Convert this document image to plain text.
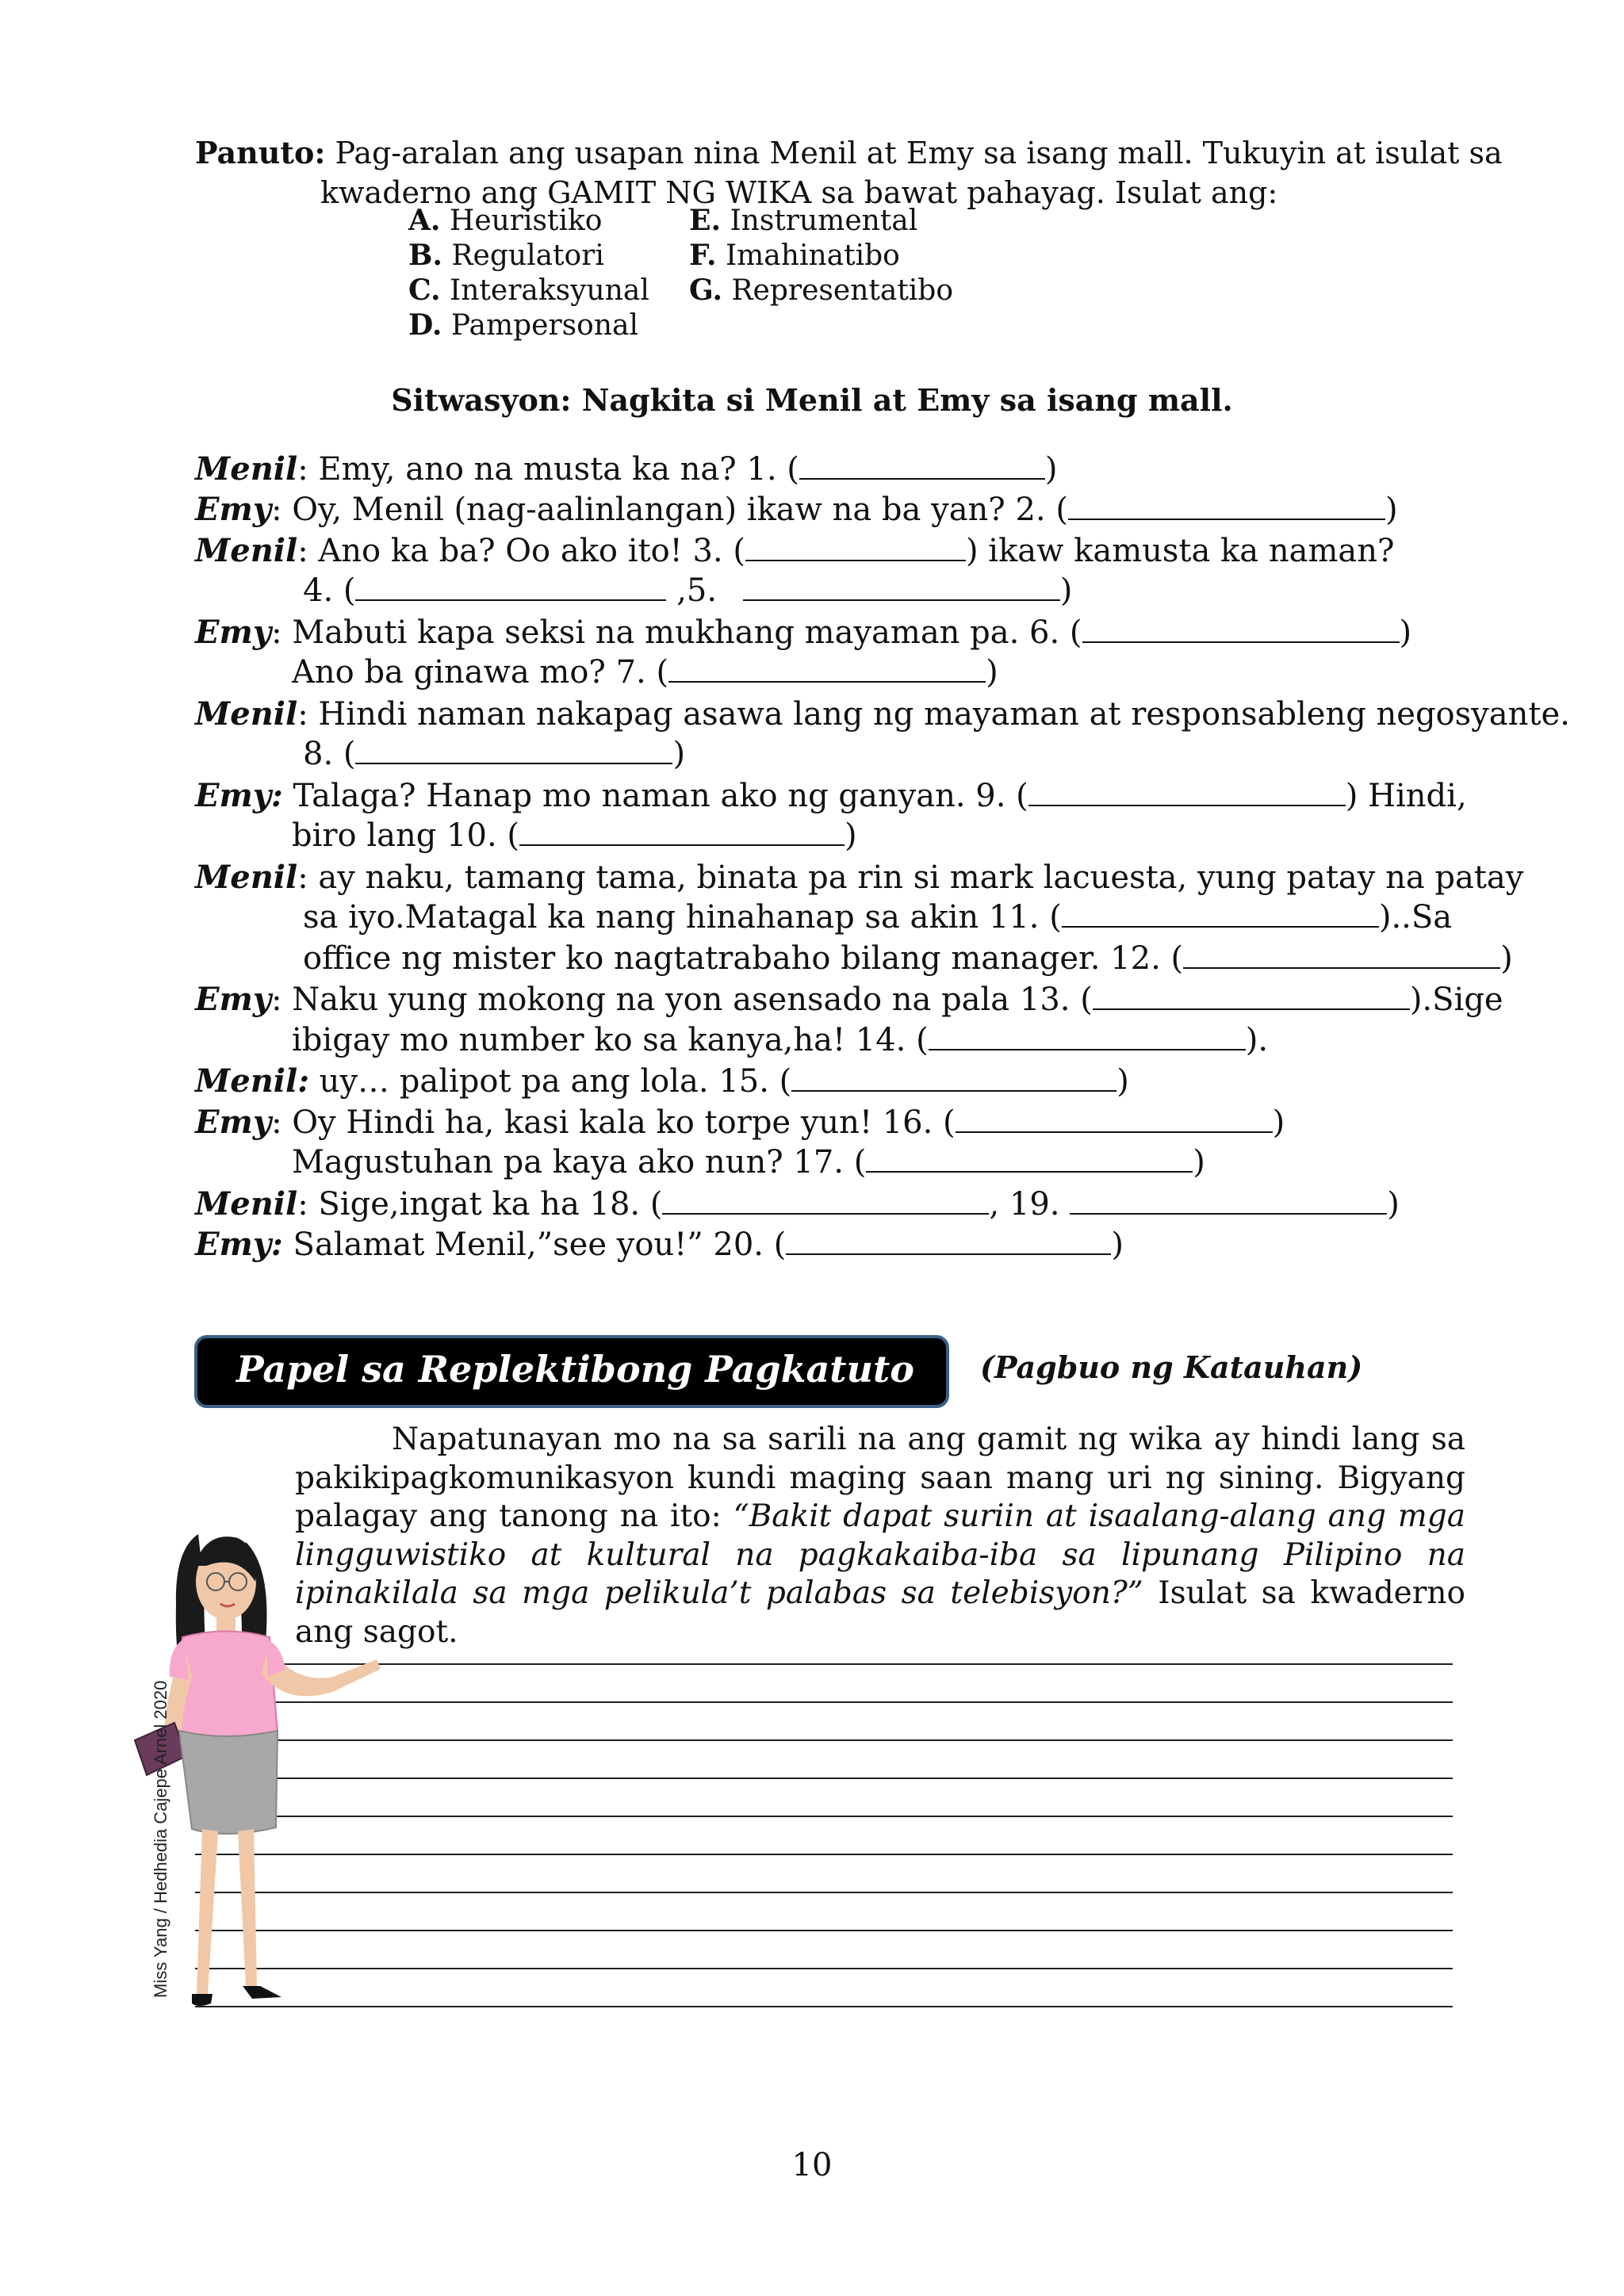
Panuto: Pag-aralan ang usapan nina Menil at Emy sa isang mall. Tukuyin at isulat sa
kwaderno ang GAMIT NG WIKA sa bawat pahayag. Isulat ang:
A. Heuristiko
B. Regulatori
C. Interaksyunal
D. Pampersonal
E. Instrumental
F. Imahinatibo
G. Representatibo
Sitwasyon: Nagkita si Menil at Emy sa isang mall.
Menil: Emy, ano na musta ka na? 1. (	)
Emy: Oy, Menil (nag-aalinlangan) ikaw na ba yan? 2. (	)
Menil: Ano ka ba? Oo ako ito! 3. (	) ikaw kamusta ka naman?
4. (	,5.	)
Emy: Mabuti kapa seksi na mukhang mayaman pa. 6. (	)
Ano ba ginawa mo? 7. (	)
Menil: Hindi naman nakapag asawa lang ng mayaman at responsableng negosyante.
8. (	)
Emy: Talaga? Hanap mo naman ako ng ganyan. 9. (	) Hindi,
biro lang 10. (	)
Menil: ay naku, tamang tama, binata pa rin si mark lacuesta, yung patay na patay
sa iyo.Matagal ka nang hinahanap sa akin 11. (	)..Sa
office ng mister ko nagtatrabaho bilang manager. 12. (	)
Emy: Naku yung mokong na yon asensado na pala 13. (	).Sige
ibigay mo number ko sa kanya,ha! 14. (	).
Menil: uy… palipot pa ang lola. 15. (	)
Emy: Oy Hindi ha, kasi kala ko torpe yun! 16. (	)
Magustuhan pa kaya ako nun? 17. (	)
Menil: Sige,ingat ka ha 18. (	, 19.	)
Emy: Salamat Menil,”see you!” 20. (	)
Papel sa Replektibong Pagkatuto (Pagbuo ng Katauhan)
Napatunayan mo na sa sarili na ang gamit ng wika ay hindi lang sa pakikipagkomunikasyon kundi maging saan mang uri ng sining. Bigyang palagay ang tanong na ito: “Bakit dapat suriin at isaalang-alang ang mga lingguwistiko at kultural na pagkakaiba-iba sa lipunang Pilipino na ipinakilala sa mga pelikula’t palabas sa telebisyon?” Isulat sa kwaderno ang sagot.
Miss Yang / Hedhedia Cajepe Arnel 2020
10
